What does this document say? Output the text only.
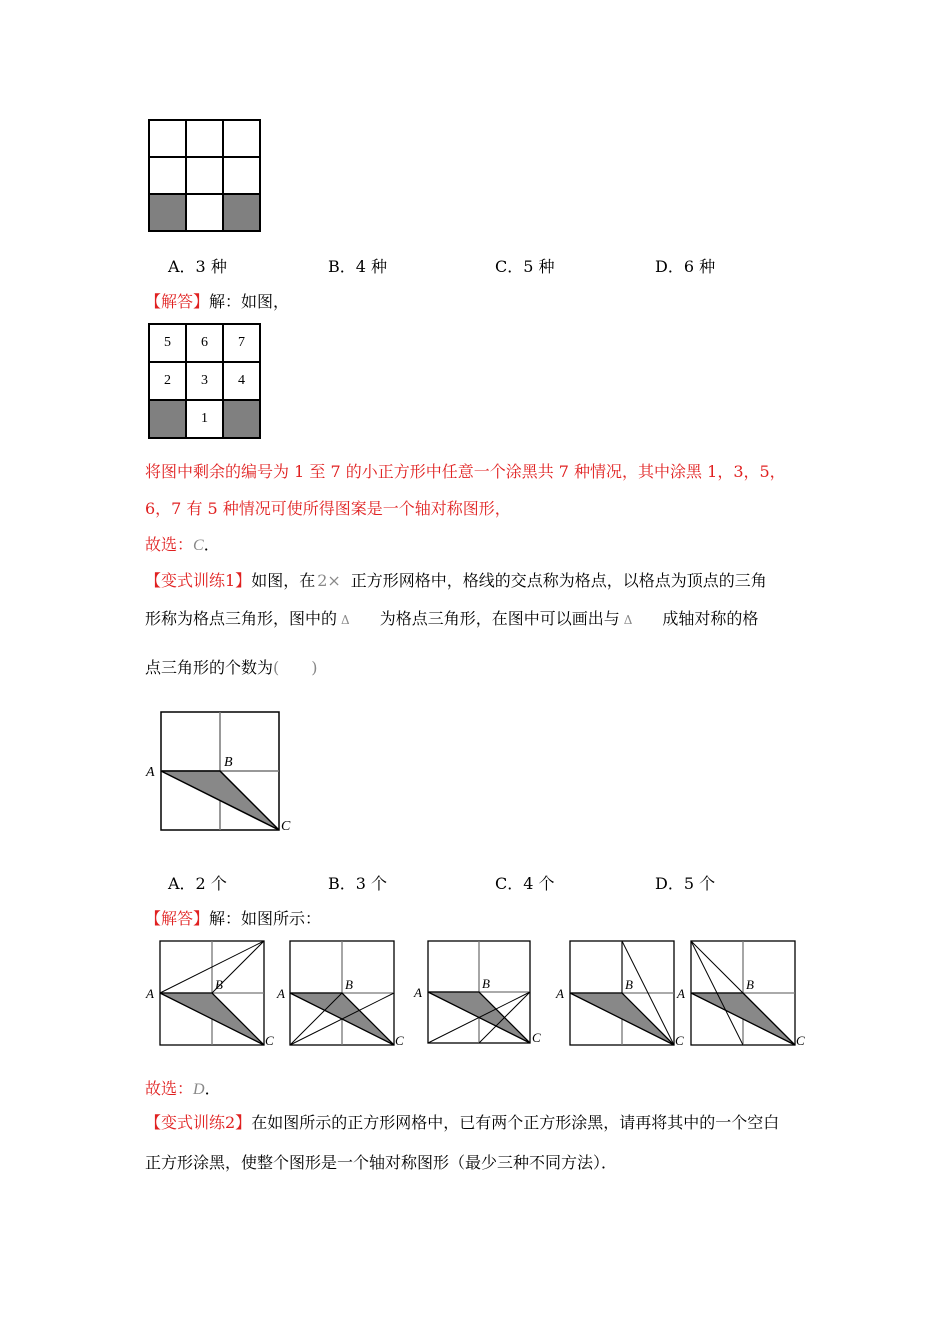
A．3 种	B．4 种	C．5 种	D．6 种
【解答】解：如图，
5	6	7
2	3	4
	1	
将图中剩余的编号为 1 至 7 的小正方形中任意一个涂黑共 7 种情况，其中涂黑 1，3，5，
6，7 有 5 种情况可使所得图案是一个轴对称图形，
故选：C．
【变式训练1】如图，在 2× 正方形网格中，格线的交点称为格点，以格点为顶点的三角
形称为格点三角形，图中的 Δ 为格点三角形，在图中可以画出与 Δ 成轴对称的格
点三角形的个数为(　　)
A
B
C
A．2 个	B．3 个	C．4 个	D．5 个
【解答】解：如图所示：
A
B
C
A
B
C
A
B
C
A
B
C
A
B
C
故选：D．
【变式训练2】在如图所示的正方形网格中，已有两个正方形涂黑，请再将其中的一个空白
正方形涂黑，使整个图形是一个轴对称图形（最少三种不同方法）．
